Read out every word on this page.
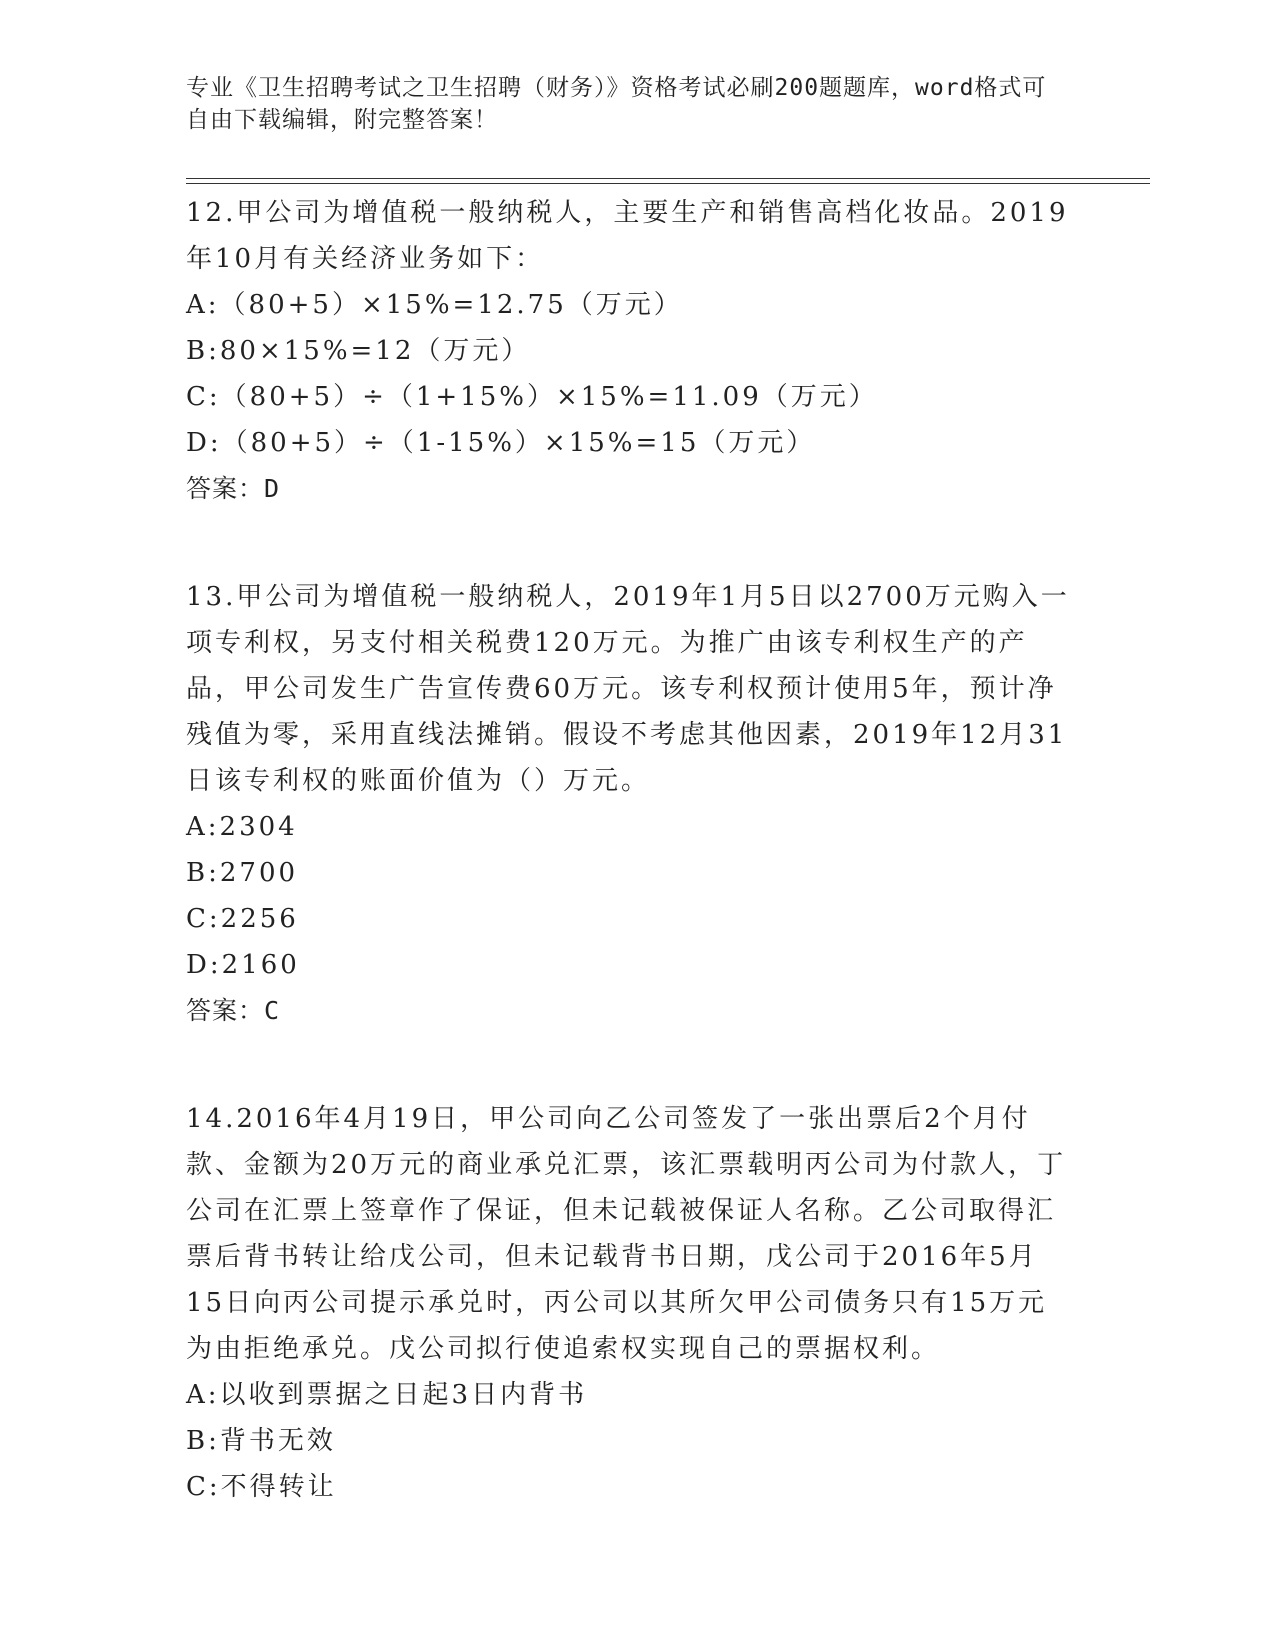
专业《卫生招聘考试之卫生招聘（财务）》资格考试必刷200题题库，word格式可自由下载编辑，附完整答案！

12.甲公司为增值税一般纳税人，主要生产和销售高档化妆品。2019年10月有关经济业务如下：

A:（80+5）×15%=12.75（万元）

B:80×15%=12（万元）

C:（80+5）÷（1+15%）×15%=11.09（万元）

D:（80+5）÷（1-15%）×15%=15（万元）

答案：D

13.甲公司为增值税一般纳税人，2019年1月5日以2700万元购入一项专利权，另支付相关税费120万元。为推广由该专利权生产的产品，甲公司发生广告宣传费60万元。该专利权预计使用5年，预计净残值为零，采用直线法摊销。假设不考虑其他因素，2019年12月31日该专利权的账面价值为（）万元。

A:2304

B:2700

C:2256

D:2160

答案：C

14.2016年4月19日，甲公司向乙公司签发了一张出票后2个月付款、金额为20万元的商业承兑汇票，该汇票载明丙公司为付款人，丁公司在汇票上签章作了保证，但未记载被保证人名称。乙公司取得汇票后背书转让给戊公司，但未记载背书日期，戊公司于2016年5月15日向丙公司提示承兑时，丙公司以其所欠甲公司债务只有15万元为由拒绝承兑。戊公司拟行使追索权实现自己的票据权利。

A:以收到票据之日起3日内背书

B:背书无效

C:不得转让
